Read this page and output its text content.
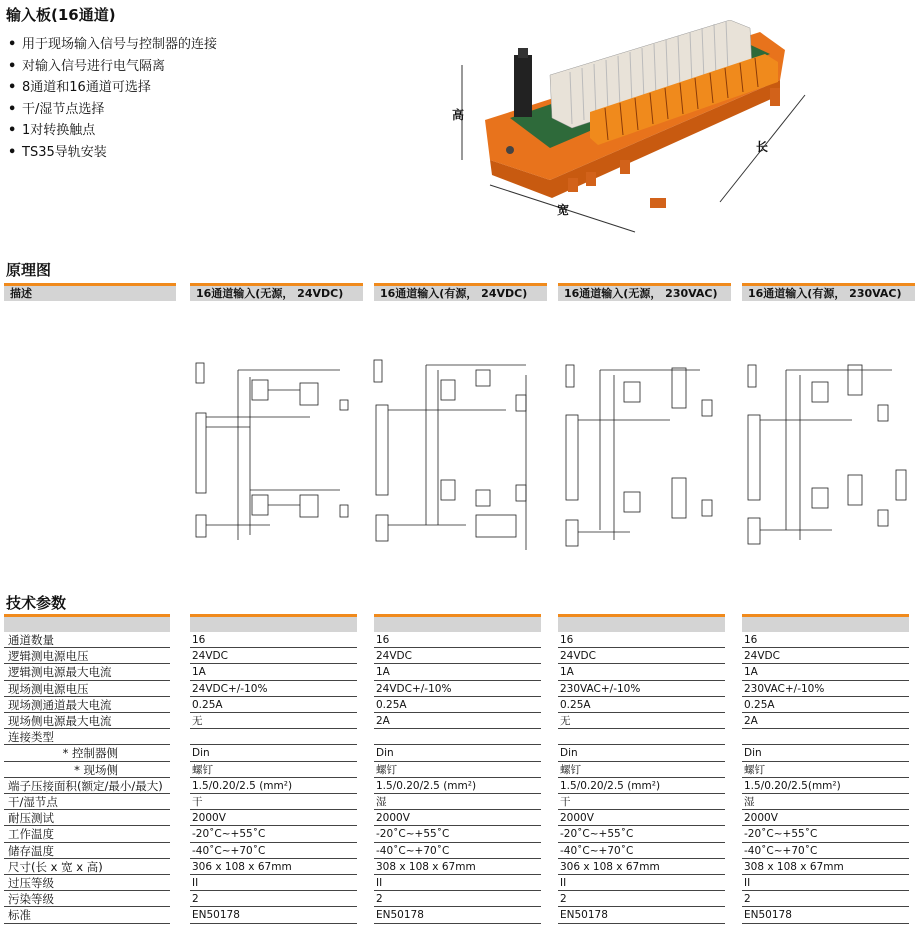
输入板(16通道)
• 用于现场输入信号与控制器的连接
• 对输入信号进行电气隔离
• 8通道和16通道可选择
• 干/湿节点选择
• 1对转换触点
• TS35导轨安装
高
宽
长
原理图
描述	16通道输入(无源， 24VDC)	16通道输入(有源， 24VDC)	16通道输入(无源， 230VAC)	16通道输入(有源， 230VAC)
技术参数
通道数量	16	16	16	16
逻辑测电源电压	24VDC	24VDC	24VDC	24VDC
逻辑测电源最大电流	1A	1A	1A	1A
现场测电源电压	24VDC+/-10%	24VDC+/-10%	230VAC+/-10%	230VAC+/-10%
现场测通道最大电流	0.25A	0.25A	0.25A	0.25A
现场侧电源最大电流	无	2A	无	2A
连接类型
* 控制器侧	Din	Din	Din	Din
* 现场侧	螺钉	螺钉	螺钉	螺钉
端子压接面积(额定/最小/最大)	1.5/0.20/2.5 (mm²)	1.5/0.20/2.5 (mm²)	1.5/0.20/2.5 (mm²)	1.5/0.20/2.5(mm²)
干/湿节点	干	湿	干	湿
耐压测试	2000V	2000V	2000V	2000V
工作温度	-20˚C~+55˚C	-20˚C~+55˚C	-20˚C~+55˚C	-20˚C~+55˚C
储存温度	-40˚C~+70˚C	-40˚C~+70˚C	-40˚C~+70˚C	-40˚C~+70˚C
尺寸(长 x 宽 x 高)	306 x 108 x 67mm	308 x 108 x 67mm	306 x 108 x 67mm	308 x 108 x 67mm
过压等级	II	II	II	II
污染等级	2	2	2	2
标准	EN50178	EN50178	EN50178	EN50178
